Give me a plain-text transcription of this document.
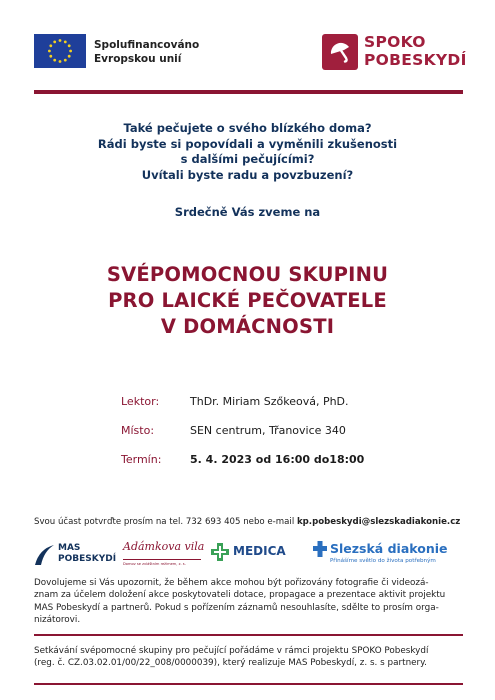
Spolufinancováno
Evropskou unií
SPOKO
POBESKYDÍ
Také pečujete o svého blízkého doma?
Rádi byste si popovídali a vyměnili zkušenosti
s dalšími pečujícími?
Uvítali byste radu a povzbuzení?
Srdečně Vás zveme na
SVÉPOMOCNOU SKUPINU
PRO LAICKÉ PEČOVATELE
V DOMÁCNOSTI
Lektor:	ThDr. Miriam Szőkeová, PhD.
Místo:	SEN centrum, Třanovice 340
Termín:	5. 4. 2023 od 16:00 do18:00
Svou účast potvrďte prosím na tel. 732 693 405 nebo e-mail kp.pobeskydi@slezskadiakonie.cz
MAS
POBESKYDÍ
Adámkova vila
Domov se zvláštním režimem, z. s.
MEDICA	Slezská diakonie
Přinášíme světlo do života potřebným
Dovolujeme si Vás upozornit, že během akce mohou být pořizovány fotografie či videozá-
znam za účelem doložení akce poskytovateli dotace, propagace a prezentace aktivit projektu
MAS Pobeskydí a partnerů. Pokud s pořízením záznamů nesouhlasíte, sdělte to prosím orga-
nizátorovi.
Setkávání svépomocné skupiny pro pečující pořádáme v rámci projektu SPOKO Pobeskydí
(reg. č. CZ.03.02.01/00/22_008/0000039), který realizuje MAS Pobeskydí, z. s. s partnery.
